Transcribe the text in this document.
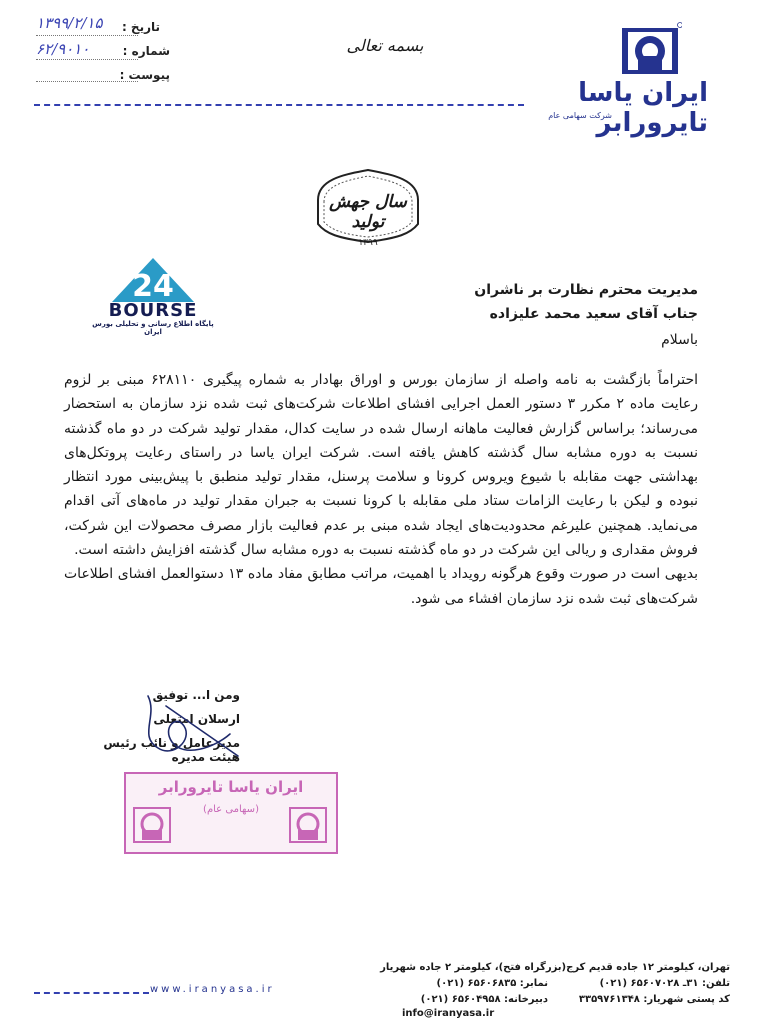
ایران یاسا تایرورابر
شرکت سهامی عام
بسمه تعالی
تاریخ :
۱۳۹۹/۲/۱۵
شماره :
۶۲/۹۰۱۰
پیوست :
سال جهش تولید
۱۳۹۹
24
BOURSE
پایگاه اطلاع رسانی و تحلیلی بورس ایران
مدیریت محترم نظارت بر ناشران
جناب آقای سعید محمد علیزاده
باسلام

احتراماً بازگشت به نامه واصله از سازمان بورس و اوراق بهادار به شماره پیگیری ۶۲۸۱۱۰ مبنی بر لزوم رعایت ماده ۲ مکرر ۳ دستور العمل اجرایی افشای اطلاعات شرکت‌های ثبت شده نزد سازمان به استحضار می‌رساند؛ براساس گزارش فعالیت ماهانه ارسال شده در سایت کدال، مقدار تولید شرکت در دو ماه گذشته نسبت به دوره مشابه سال گذشته کاهش یافته است. شرکت ایران یاسا در راستای رعایت پروتکل‌های بهداشتی جهت مقابله با شیوع ویروس کرونا و سلامت پرسنل، مقدار تولید منطبق با پیش‌بینی مورد انتظار نبوده و لیکن با رعایت الزامات ستاد ملی مقابله با کرونا نسبت به جبران مقدار تولید در ماه‌های آتی اقدام می‌نماید. همچنین علیرغم محدودیت‌های ایجاد شده مبنی بر عدم فعالیت بازار مصرف محصولات این شرکت، فروش مقداری و ریالی این شرکت در دو ماه گذشته نسبت به دوره مشابه سال گذشته افزایش داشته است.

بدیهی است در صورت وقوع هرگونه رویداد با اهمیت، مراتب مطابق مفاد ماده ۱۳ دستوالعمل افشای اطلاعات شرکت‌های ثبت شده نزد سازمان افشاء می شود.

ومن ا... توفیق
ارسلان امتعلی
مدیرعامل و نائب رئیس هیئت مدیره
ایران یاسا تایرورابر
(سهامی عام)
www.iranyasa.ir
تهران، کیلومتر ۱۲ جاده قدیم کرج(بزرگراه فتح)، کیلومتر ۲ جاده شهریار
تلفن: ۳۱ـ ۶۵۶۰۷۰۲۸ (۰۲۱)
نمابر: ۶۵۶۰۶۸۳۵ (۰۲۱)
کد پستی شهریار: ۳۳۵۹۷۶۱۳۴۸
دبیرخانه: ۶۵۶۰۴۹۵۸ (۰۲۱)
info@iranyasa.ir
